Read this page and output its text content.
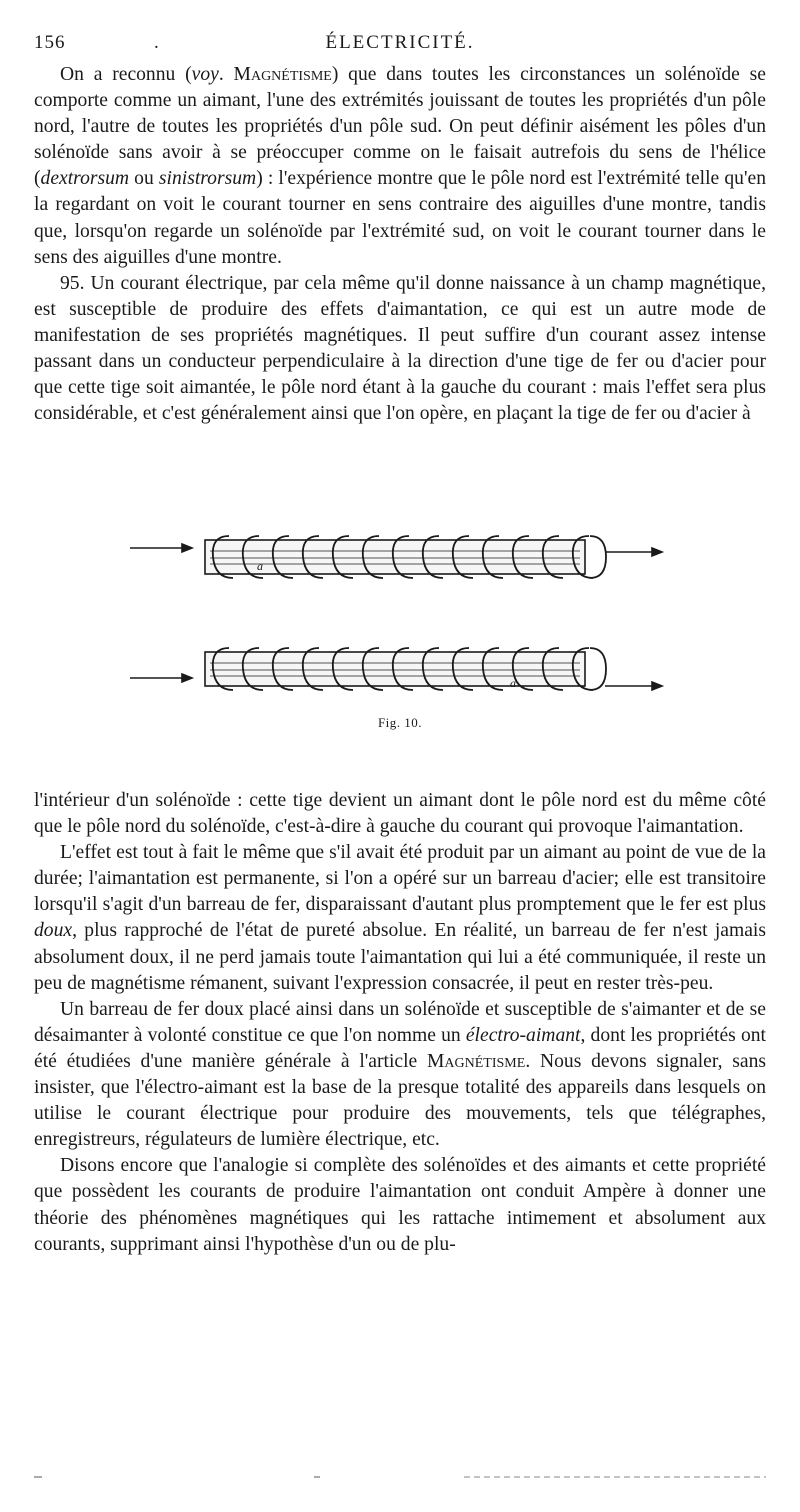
156	.	ÉLECTRICITÉ.

On a reconnu (voy. Magnétisme) que dans toutes les circonstances un solénoïde se comporte comme un aimant, l'une des extrémités jouissant de toutes les propriétés d'un pôle nord, l'autre de toutes les propriétés d'un pôle sud. On peut définir aisément les pôles d'un solénoïde sans avoir à se préoccuper comme on le faisait autrefois du sens de l'hélice (dextrorsum ou sinistrorsum) : l'expérience montre que le pôle nord est l'extrémité telle qu'en la regardant on voit le courant tourner en sens contraire des aiguilles d'une montre, tandis que, lorsqu'on regarde un solénoïde par l'extrémité sud, on voit le courant tourner dans le sens des aiguilles d'une montre.

95. Un courant électrique, par cela même qu'il donne naissance à un champ magnétique, est susceptible de produire des effets d'aimantation, ce qui est un autre mode de manifestation de ses propriétés magnétiques. Il peut suffire d'un courant assez intense passant dans un conducteur perpendiculaire à la direction d'une tige de fer ou d'acier pour que cette tige soit aimantée, le pôle nord étant à la gauche du courant : mais l'effet sera plus considérable, et c'est généralement ainsi que l'on opère, en plaçant la tige de fer ou d'acier à

a
a
Fig. 10.

l'intérieur d'un solénoïde : cette tige devient un aimant dont le pôle nord est du même côté que le pôle nord du solénoïde, c'est-à-dire à gauche du courant qui provoque l'aimantation.

L'effet est tout à fait le même que s'il avait été produit par un aimant au point de vue de la durée; l'aimantation est permanente, si l'on a opéré sur un barreau d'acier; elle est transitoire lorsqu'il s'agit d'un barreau de fer, disparaissant d'autant plus promptement que le fer est plus doux, plus rapproché de l'état de pureté absolue. En réalité, un barreau de fer n'est jamais absolument doux, il ne perd jamais toute l'aimantation qui lui a été communiquée, il reste un peu de magnétisme rémanent, suivant l'expression consacrée, il peut en rester très-peu.

Un barreau de fer doux placé ainsi dans un solénoïde et susceptible de s'aimanter et de se désaimanter à volonté constitue ce que l'on nomme un électro-aimant, dont les propriétés ont été étudiées d'une manière générale à l'article Magnétisme. Nous devons signaler, sans insister, que l'électro-aimant est la base de la presque totalité des appareils dans lesquels on utilise le courant électrique pour produire des mouvements, tels que télégraphes, enregistreurs, régulateurs de lumière électrique, etc.

Disons encore que l'analogie si complète des solénoïdes et des aimants et cette propriété que possèdent les courants de produire l'aimantation ont conduit Ampère à donner une théorie des phénomènes magnétiques qui les rattache intimement et absolument aux courants, supprimant ainsi l'hypothèse d'un ou de plu-
